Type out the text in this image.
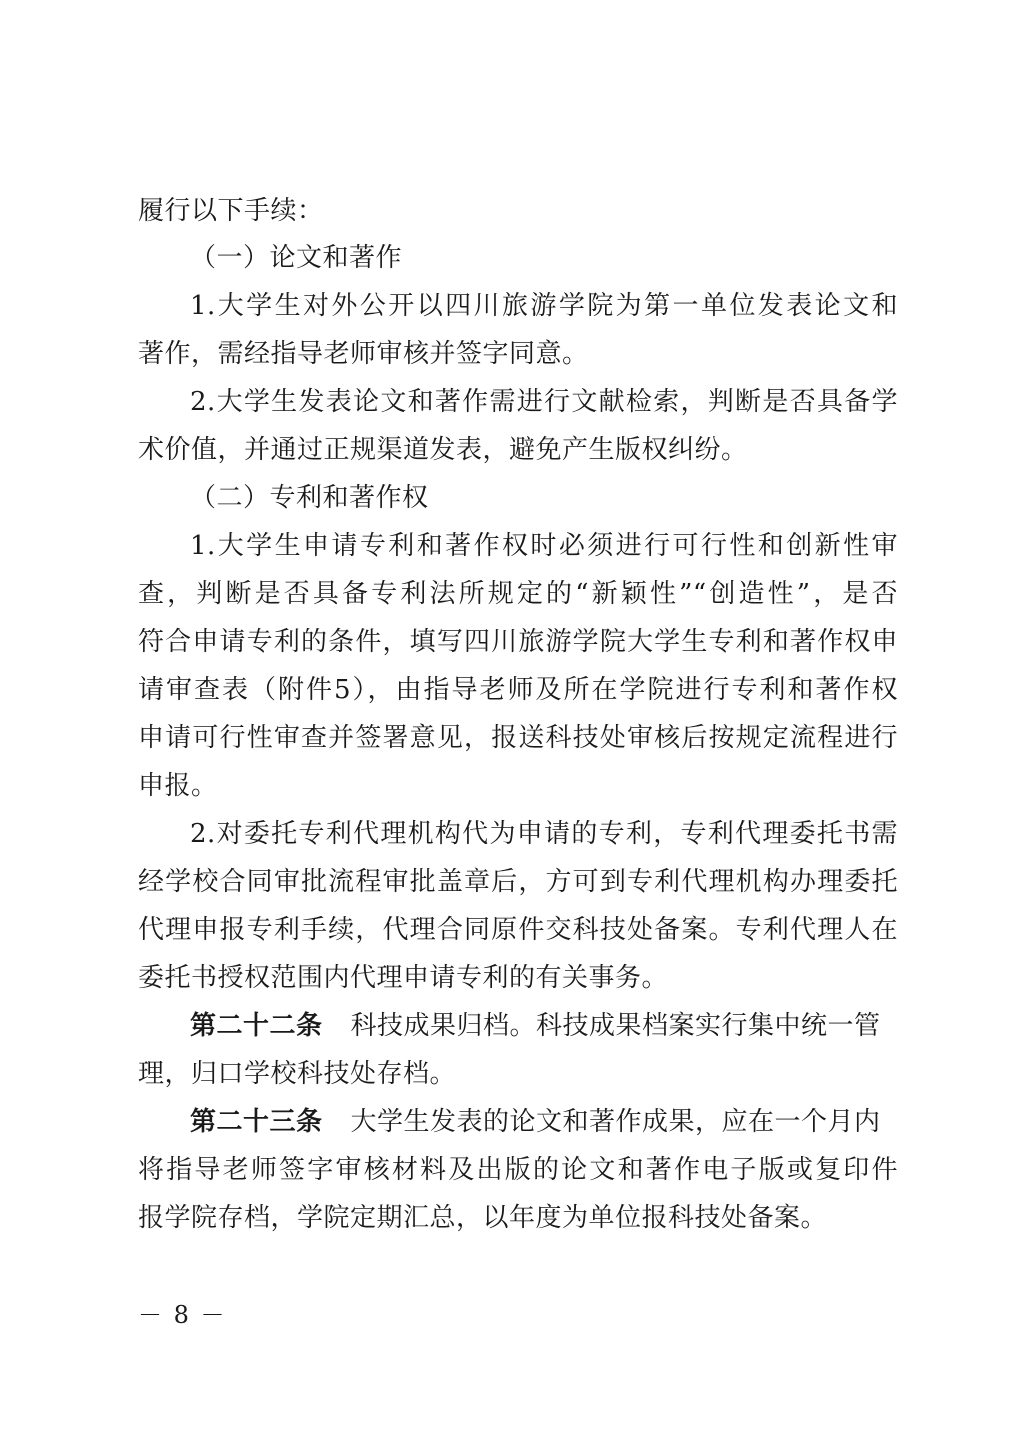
履行以下手续：
（一）论文和著作
1.大学生对外公开以四川旅游学院为第一单位发表论文和
著作，需经指导老师审核并签字同意。
2.大学生发表论文和著作需进行文献检索，判断是否具备学
术价值，并通过正规渠道发表，避免产生版权纠纷。
（二）专利和著作权
1.大学生申请专利和著作权时必须进行可行性和创新性审
查，判断是否具备专利法所规定的“新颖性”“创造性”，是否
符合申请专利的条件，填写四川旅游学院大学生专利和著作权申
请审查表（附件5），由指导老师及所在学院进行专利和著作权
申请可行性审查并签署意见，报送科技处审核后按规定流程进行
申报。
2.对委托专利代理机构代为申请的专利，专利代理委托书需
经学校合同审批流程审批盖章后，方可到专利代理机构办理委托
代理申报专利手续，代理合同原件交科技处备案。专利代理人在
委托书授权范围内代理申请专利的有关事务。
第二十二条 科技成果归档。科技成果档案实行集中统一管
理，归口学校科技处存档。
第二十三条 大学生发表的论文和著作成果，应在一个月内
将指导老师签字审核材料及出版的论文和著作电子版或复印件
报学院存档，学院定期汇总，以年度为单位报科技处备案。
－ 8 －
